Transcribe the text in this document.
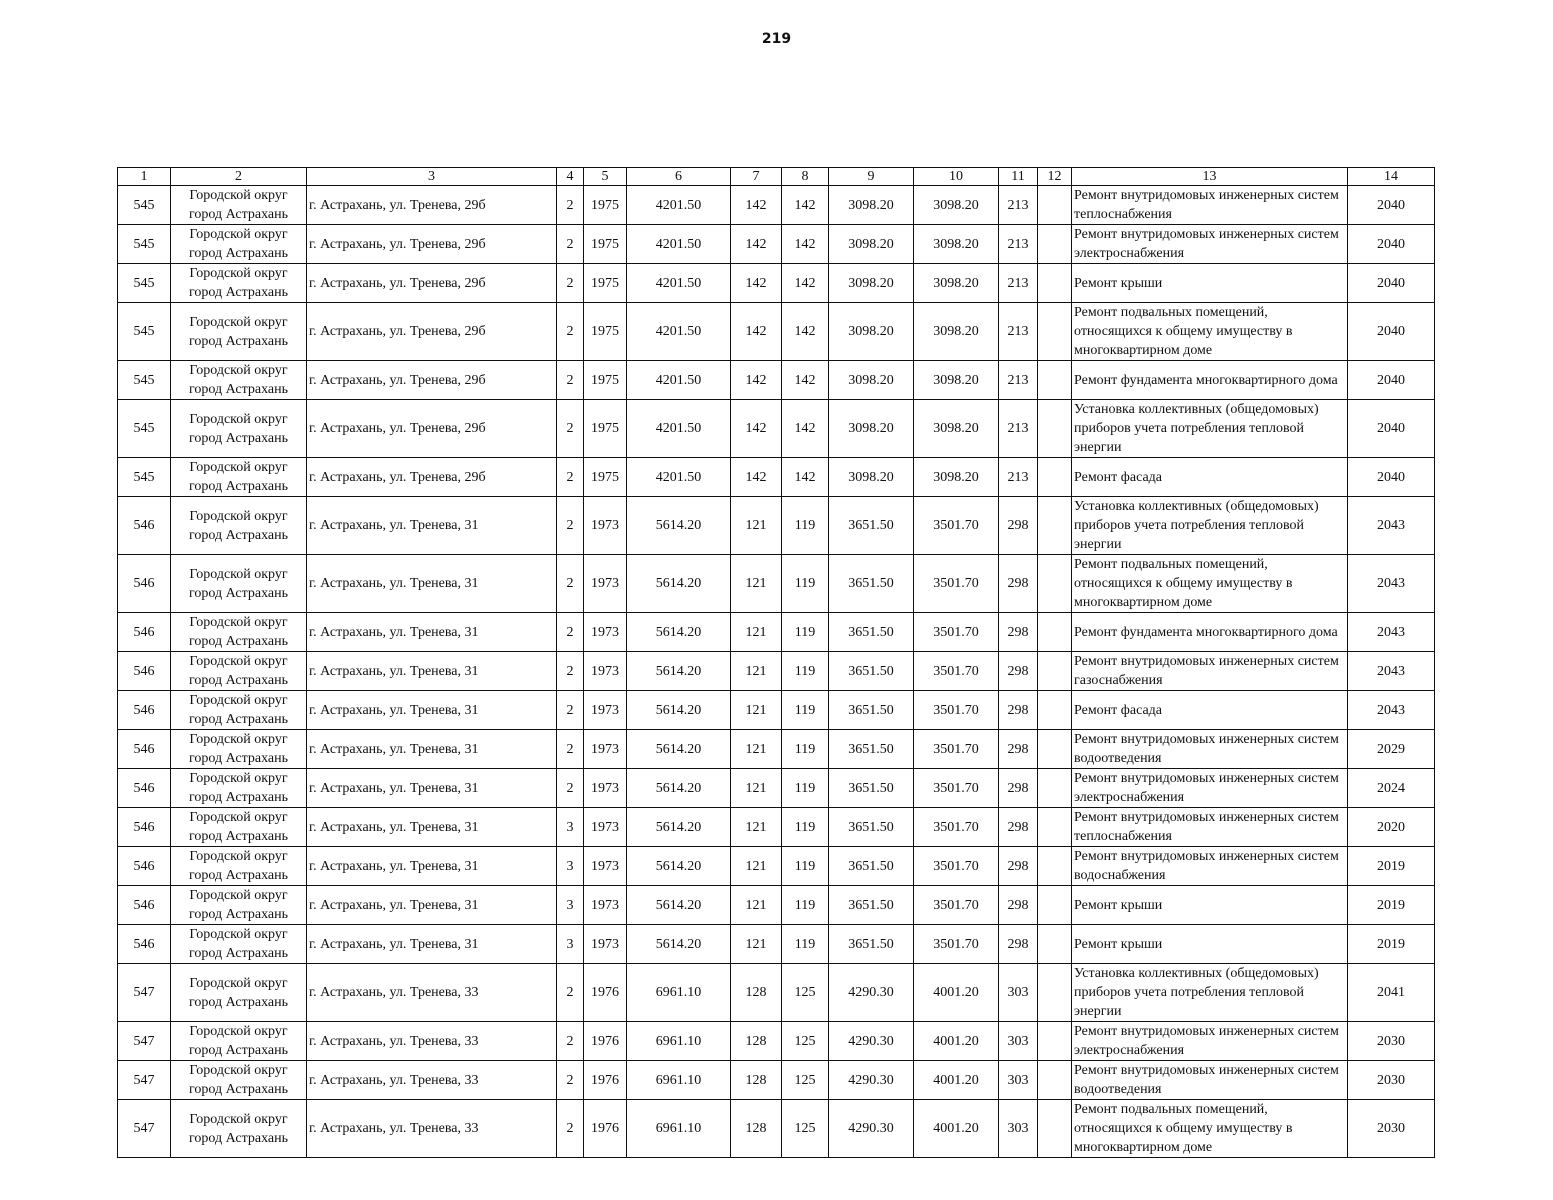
219
1	2	3	4	5	6	7	8	9	10	11	12	13	14
545	Городской округ город Астрахань	г. Астрахань, ул. Тренева, 29б	2	1975	4201.50	142	142	3098.20	3098.20	213		Ремонт внутридомовых инженерных систем теплоснабжения	2040
545	Городской округ город Астрахань	г. Астрахань, ул. Тренева, 29б	2	1975	4201.50	142	142	3098.20	3098.20	213		Ремонт внутридомовых инженерных систем электроснабжения	2040
545	Городской округ город Астрахань	г. Астрахань, ул. Тренева, 29б	2	1975	4201.50	142	142	3098.20	3098.20	213		Ремонт крыши	2040
545	Городской округ город Астрахань	г. Астрахань, ул. Тренева, 29б	2	1975	4201.50	142	142	3098.20	3098.20	213		Ремонт подвальных помещений, относящихся к общему имуществу в многоквартирном доме	2040
545	Городской округ город Астрахань	г. Астрахань, ул. Тренева, 29б	2	1975	4201.50	142	142	3098.20	3098.20	213		Ремонт фундамента многоквартирного дома	2040
545	Городской округ город Астрахань	г. Астрахань, ул. Тренева, 29б	2	1975	4201.50	142	142	3098.20	3098.20	213		Установка коллективных (общедомовых) приборов учета потребления тепловой энергии	2040
545	Городской округ город Астрахань	г. Астрахань, ул. Тренева, 29б	2	1975	4201.50	142	142	3098.20	3098.20	213		Ремонт фасада	2040
546	Городской округ город Астрахань	г. Астрахань, ул. Тренева, 31	2	1973	5614.20	121	119	3651.50	3501.70	298		Установка коллективных (общедомовых) приборов учета потребления тепловой энергии	2043
546	Городской округ город Астрахань	г. Астрахань, ул. Тренева, 31	2	1973	5614.20	121	119	3651.50	3501.70	298		Ремонт подвальных помещений, относящихся к общему имуществу в многоквартирном доме	2043
546	Городской округ город Астрахань	г. Астрахань, ул. Тренева, 31	2	1973	5614.20	121	119	3651.50	3501.70	298		Ремонт фундамента многоквартирного дома	2043
546	Городской округ город Астрахань	г. Астрахань, ул. Тренева, 31	2	1973	5614.20	121	119	3651.50	3501.70	298		Ремонт внутридомовых инженерных систем газоснабжения	2043
546	Городской округ город Астрахань	г. Астрахань, ул. Тренева, 31	2	1973	5614.20	121	119	3651.50	3501.70	298		Ремонт фасада	2043
546	Городской округ город Астрахань	г. Астрахань, ул. Тренева, 31	2	1973	5614.20	121	119	3651.50	3501.70	298		Ремонт внутридомовых инженерных систем водоотведения	2029
546	Городской округ город Астрахань	г. Астрахань, ул. Тренева, 31	2	1973	5614.20	121	119	3651.50	3501.70	298		Ремонт внутридомовых инженерных систем электроснабжения	2024
546	Городской округ город Астрахань	г. Астрахань, ул. Тренева, 31	3	1973	5614.20	121	119	3651.50	3501.70	298		Ремонт внутридомовых инженерных систем теплоснабжения	2020
546	Городской округ город Астрахань	г. Астрахань, ул. Тренева, 31	3	1973	5614.20	121	119	3651.50	3501.70	298		Ремонт внутридомовых инженерных систем водоснабжения	2019
546	Городской округ город Астрахань	г. Астрахань, ул. Тренева, 31	3	1973	5614.20	121	119	3651.50	3501.70	298		Ремонт крыши	2019
546	Городской округ город Астрахань	г. Астрахань, ул. Тренева, 31	3	1973	5614.20	121	119	3651.50	3501.70	298		Ремонт крыши	2019
547	Городской округ город Астрахань	г. Астрахань, ул. Тренева, 33	2	1976	6961.10	128	125	4290.30	4001.20	303		Установка коллективных (общедомовых) приборов учета потребления тепловой энергии	2041
547	Городской округ город Астрахань	г. Астрахань, ул. Тренева, 33	2	1976	6961.10	128	125	4290.30	4001.20	303		Ремонт внутридомовых инженерных систем электроснабжения	2030
547	Городской округ город Астрахань	г. Астрахань, ул. Тренева, 33	2	1976	6961.10	128	125	4290.30	4001.20	303		Ремонт внутридомовых инженерных систем водоотведения	2030
547	Городской округ город Астрахань	г. Астрахань, ул. Тренева, 33	2	1976	6961.10	128	125	4290.30	4001.20	303		Ремонт подвальных помещений, относящихся к общему имуществу в многоквартирном доме	2030
